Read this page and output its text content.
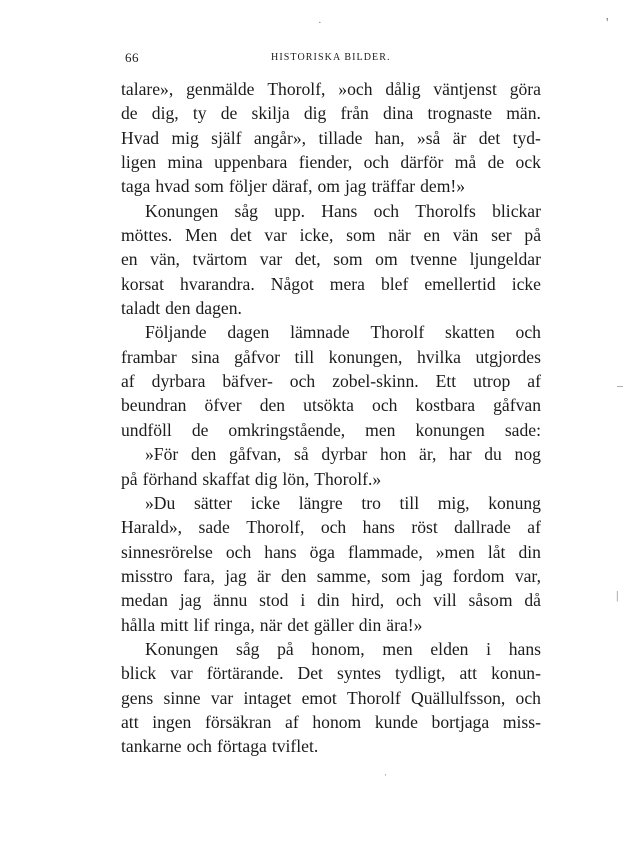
66	HISTORISKA BILDER.
talare», genmälde Thorolf, »och dålig väntjenst göra
de dig, ty de skilja dig från dina trognaste män.
Hvad mig själf angår», tillade han, »så är det tyd-
ligen mina uppenbara fiender, och därför må de ock
taga hvad som följer däraf, om jag träffar dem!»
Konungen såg upp. Hans och Thorolfs blickar
möttes. Men det var icke, som när en vän ser på
en vän, tvärtom var det, som om tvenne ljungeldar
korsat hvarandra. Något mera blef emellertid icke
taladt den dagen.
Följande dagen lämnade Thorolf skatten och
frambar sina gåfvor till konungen, hvilka utgjordes
af dyrbara bäfver- och zobel-skinn. Ett utrop af
beundran öfver den utsökta och kostbara gåfvan
undföll de omkringstående, men konungen sade:
»För den gåfvan, så dyrbar hon är, har du nog
på förhand skaffat dig lön, Thorolf.»
»Du sätter icke längre tro till mig, konung
Harald», sade Thorolf, och hans röst dallrade af
sinnesrörelse och hans öga flammade, »men låt din
misstro fara, jag är den samme, som jag fordom var,
medan jag ännu stod i din hird, och vill såsom då
hålla mitt lif ringa, när det gäller din ära!»
Konungen såg på honom, men elden i hans
blick var förtärande. Det syntes tydligt, att konun-
gens sinne var intaget emot Thorolf Quällulfsson, och
att ingen försäkran af honom kunde bortjaga miss-
tankarne och förtaga tviflet.
·	'
–
|
·
